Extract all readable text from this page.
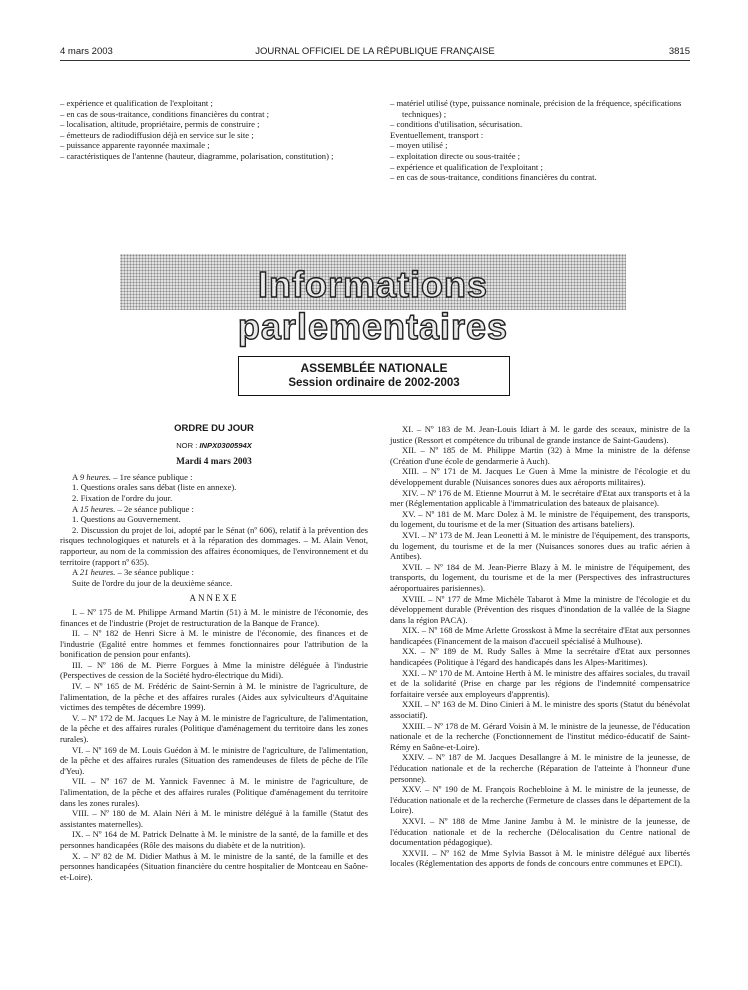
4 mars 2003	JOURNAL OFFICIEL DE LA RÉPUBLIQUE FRANÇAISE	3815
– expérience et qualification de l'exploitant ;
– en cas de sous-traitance, conditions financières du contrat ;
– localisation, altitude, propriétaire, permis de construire ;
– émetteurs de radiodiffusion déjà en service sur le site ;
– puissance apparente rayonnée maximale ;
– caractéristiques de l'antenne (hauteur, diagramme, polarisation, constitution) ;
– matériel utilisé (type, puissance nominale, précision de la fréquence, spécifications techniques) ;
– conditions d'utilisation, sécurisation.
Eventuellement, transport :
– moyen utilisé ;
– exploitation directe ou sous-traitée ;
– expérience et qualification de l'exploitant ;
– en cas de sous-traitance, conditions financières du contrat.
Informations parlementaires
ASSEMBLÉE NATIONALE
Session ordinaire de 2002-2003
ORDRE DU JOUR
NOR : INPX0300594X
Mardi 4 mars 2003

A 9 heures. – 1re séance publique :

1. Questions orales sans débat (liste en annexe).

2. Fixation de l'ordre du jour.

A 15 heures. – 2e séance publique :

1. Questions au Gouvernement.

2. Discussion du projet de loi, adopté par le Sénat (nº 606), relatif à la prévention des risques technologiques et naturels et à la réparation des dommages. – M. Alain Venot, rapporteur, au nom de la commission des affaires économiques, de l'environnement et du territoire (rapport nº 635).

A 21 heures. – 3e séance publique :

Suite de l'ordre du jour de la deuxième séance.

ANNEXE

I. – Nº 175 de M. Philippe Armand Martin (51) à M. le ministre de l'économie, des finances et de l'industrie (Projet de restructuration de la Banque de France).

II. – Nº 182 de Henri Sicre à M. le ministre de l'économie, des finances et de l'industrie (Egalité entre hommes et femmes fonctionnaires pour l'attribution de la bonification de pension pour enfants).

III. – Nº 186 de M. Pierre Forgues à Mme la ministre déléguée à l'industrie (Perspectives de cession de la Société hydro-électrique du Midi).

IV. – Nº 165 de M. Frédéric de Saint-Sernin à M. le ministre de l'agriculture, de l'alimentation, de la pêche et des affaires rurales (Aides aux sylviculteurs d'Aquitaine victimes des tempêtes de décembre 1999).

V. – Nº 172 de M. Jacques Le Nay à M. le ministre de l'agriculture, de l'alimentation, de la pêche et des affaires rurales (Politique d'aménagement du territoire dans les zones rurales).

VI. – Nº 169 de M. Louis Guédon à M. le ministre de l'agriculture, de l'alimentation, de la pêche et des affaires rurales (Situation des ramendeuses de filets de pêche de l'île d'Yeu).

VII. – Nº 167 de M. Yannick Favennec à M. le ministre de l'agriculture, de l'alimentation, de la pêche et des affaires rurales (Politique d'aménagement du territoire dans les zones rurales).

VIII. – Nº 180 de M. Alain Néri à M. le ministre délégué à la famille (Statut des assistantes maternelles).

IX. – Nº 164 de M. Patrick Delnatte à M. le ministre de la santé, de la famille et des personnes handicapées (Rôle des maisons du diabète et de la nutrition).

X. – Nº 82 de M. Didier Mathus à M. le ministre de la santé, de la famille et des personnes handicapées (Situation financière du centre hospitalier de Montceau en Saône-et-Loire).

XI. – Nº 183 de M. Jean-Louis Idiart à M. le garde des sceaux, ministre de la justice (Ressort et compétence du tribunal de grande instance de Saint-Gaudens).

XII. – Nº 185 de M. Philippe Martin (32) à Mme la ministre de la défense (Création d'une école de gendarmerie à Auch).

XIII. – Nº 171 de M. Jacques Le Guen à Mme la ministre de l'écologie et du développement durable (Nuisances sonores dues aux aéroports militaires).

XIV. – Nº 176 de M. Etienne Mourrut à M. le secrétaire d'Etat aux transports et à la mer (Réglementation applicable à l'immatriculation des bateaux de plaisance).

XV. – Nº 181 de M. Marc Dolez à M. le ministre de l'équipement, des transports, du logement, du tourisme et de la mer (Situation des artisans bateliers).

XVI. – Nº 173 de M. Jean Leonetti à M. le ministre de l'équipement, des transports, du logement, du tourisme et de la mer (Nuisances sonores dues au trafic aérien à Antibes).

XVII. – Nº 184 de M. Jean-Pierre Blazy à M. le ministre de l'équipement, des transports, du logement, du tourisme et de la mer (Perspectives des infrastructures aéroportuaires parisiennes).

XVIII. – Nº 177 de Mme Michèle Tabarot à Mme la ministre de l'écologie et du développement durable (Prévention des risques d'inondation de la vallée de la Siagne dans la région PACA).

XIX. – Nº 168 de Mme Arlette Grosskost à Mme la secrétaire d'Etat aux personnes handicapées (Financement de la maison d'accueil spécialisé à Mulhouse).

XX. – Nº 189 de M. Rudy Salles à Mme la secrétaire d'Etat aux personnes handicapées (Politique à l'égard des handicapés dans les Alpes-Maritimes).

XXI. – Nº 170 de M. Antoine Herth à M. le ministre des affaires sociales, du travail et de la solidarité (Prise en charge par les régions de l'indemnité compensatrice forfaitaire versée aux employeurs d'apprentis).

XXII. – Nº 163 de M. Dino Cinieri à M. le ministre des sports (Statut du bénévolat associatif).

XXIII. – Nº 178 de M. Gérard Voisin à M. le ministre de la jeunesse, de l'éducation nationale et de la recherche (Fonctionnement de l'institut médico-éducatif de Saint-Rémy en Saône-et-Loire).

XXIV. – Nº 187 de M. Jacques Desallangre à M. le ministre de la jeunesse, de l'éducation nationale et de la recherche (Réparation de l'atteinte à l'honneur d'une personne).

XXV. – Nº 190 de M. François Rochebloine à M. le ministre de la jeunesse, de l'éducation nationale et de la recherche (Fermeture de classes dans le département de la Loire).

XXVI. – Nº 188 de Mme Janine Jambu à M. le ministre de la jeunesse, de l'éducation nationale et de la recherche (Délocalisation du Centre national de documentation pédagogique).

XXVII. – Nº 162 de Mme Sylvia Bassot à M. le ministre délégué aux libertés locales (Réglementation des apports de fonds de concours entre communes et EPCI).
